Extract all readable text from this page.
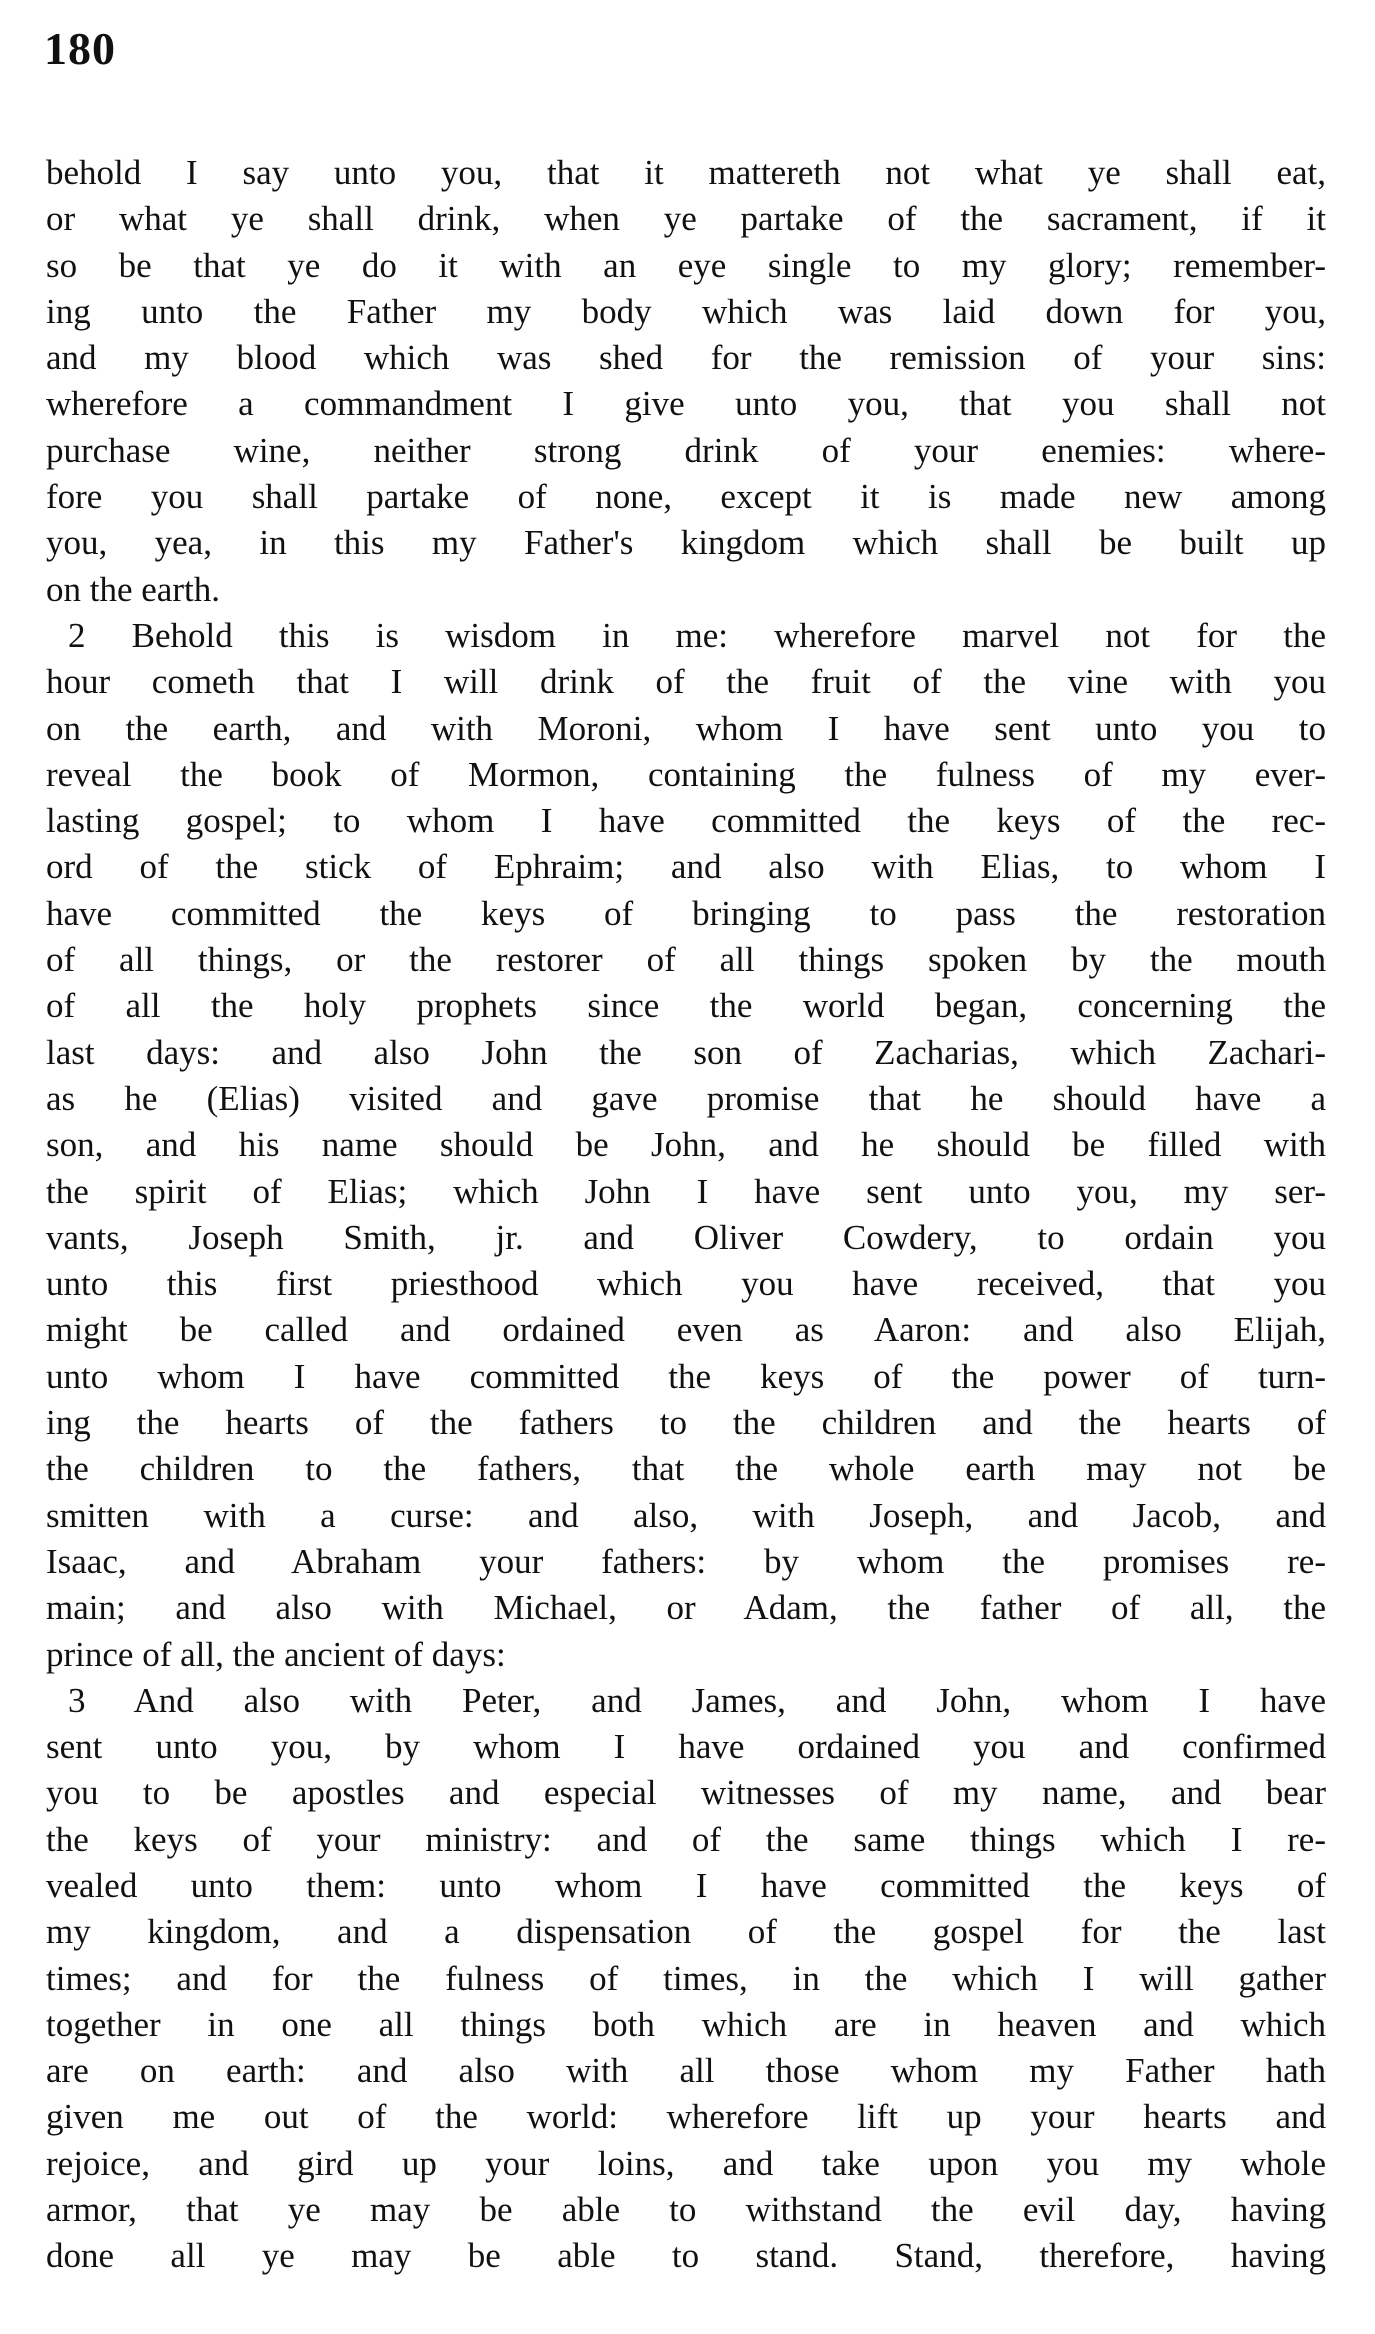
180
behold I say unto you, that it mattereth not what ye shall eat,
or what ye shall drink, when ye partake of the sacrament, if it
so be that ye do it with an eye single to my glory; remember-
ing unto the Father my body which was laid down for you,
and my blood which was shed for the remission of your sins:
wherefore a commandment I give unto you, that you shall not
purchase wine, neither strong drink of your enemies: where-
fore you shall partake of none, except it is made new among
you, yea, in this my Father's kingdom which shall be built up
on the earth.
2 Behold this is wisdom in me: wherefore marvel not for the
hour cometh that I will drink of the fruit of the vine with you
on the earth, and with Moroni, whom I have sent unto you to
reveal the book of Mormon, containing the fulness of my ever-
lasting gospel; to whom I have committed the keys of the rec-
ord of the stick of Ephraim; and also with Elias, to whom I
have committed the keys of bringing to pass the restoration
of all things, or the restorer of all things spoken by the mouth
of all the holy prophets since the world began, concerning the
last days: and also John the son of Zacharias, which Zachari-
as he (Elias) visited and gave promise that he should have a
son, and his name should be John, and he should be filled with
the spirit of Elias; which John I have sent unto you, my ser-
vants, Joseph Smith, jr. and Oliver Cowdery, to ordain you
unto this first priesthood which you have received, that you
might be called and ordained even as Aaron: and also Elijah,
unto whom I have committed the keys of the power of turn-
ing the hearts of the fathers to the children and the hearts of
the children to the fathers, that the whole earth may not be
smitten with a curse: and also, with Joseph, and Jacob, and
Isaac, and Abraham your fathers: by whom the promises re-
main; and also with Michael, or Adam, the father of all, the
prince of all, the ancient of days:
3 And also with Peter, and James, and John, whom I have
sent unto you, by whom I have ordained you and confirmed
you to be apostles and especial witnesses of my name, and bear
the keys of your ministry: and of the same things which I re-
vealed unto them: unto whom I have committed the keys of
my kingdom, and a dispensation of the gospel for the last
times; and for the fulness of times, in the which I will gather
together in one all things both which are in heaven and which
are on earth: and also with all those whom my Father hath
given me out of the world: wherefore lift up your hearts and
rejoice, and gird up your loins, and take upon you my whole
armor, that ye may be able to withstand the evil day, having
done all ye may be able to stand. Stand, therefore, having
